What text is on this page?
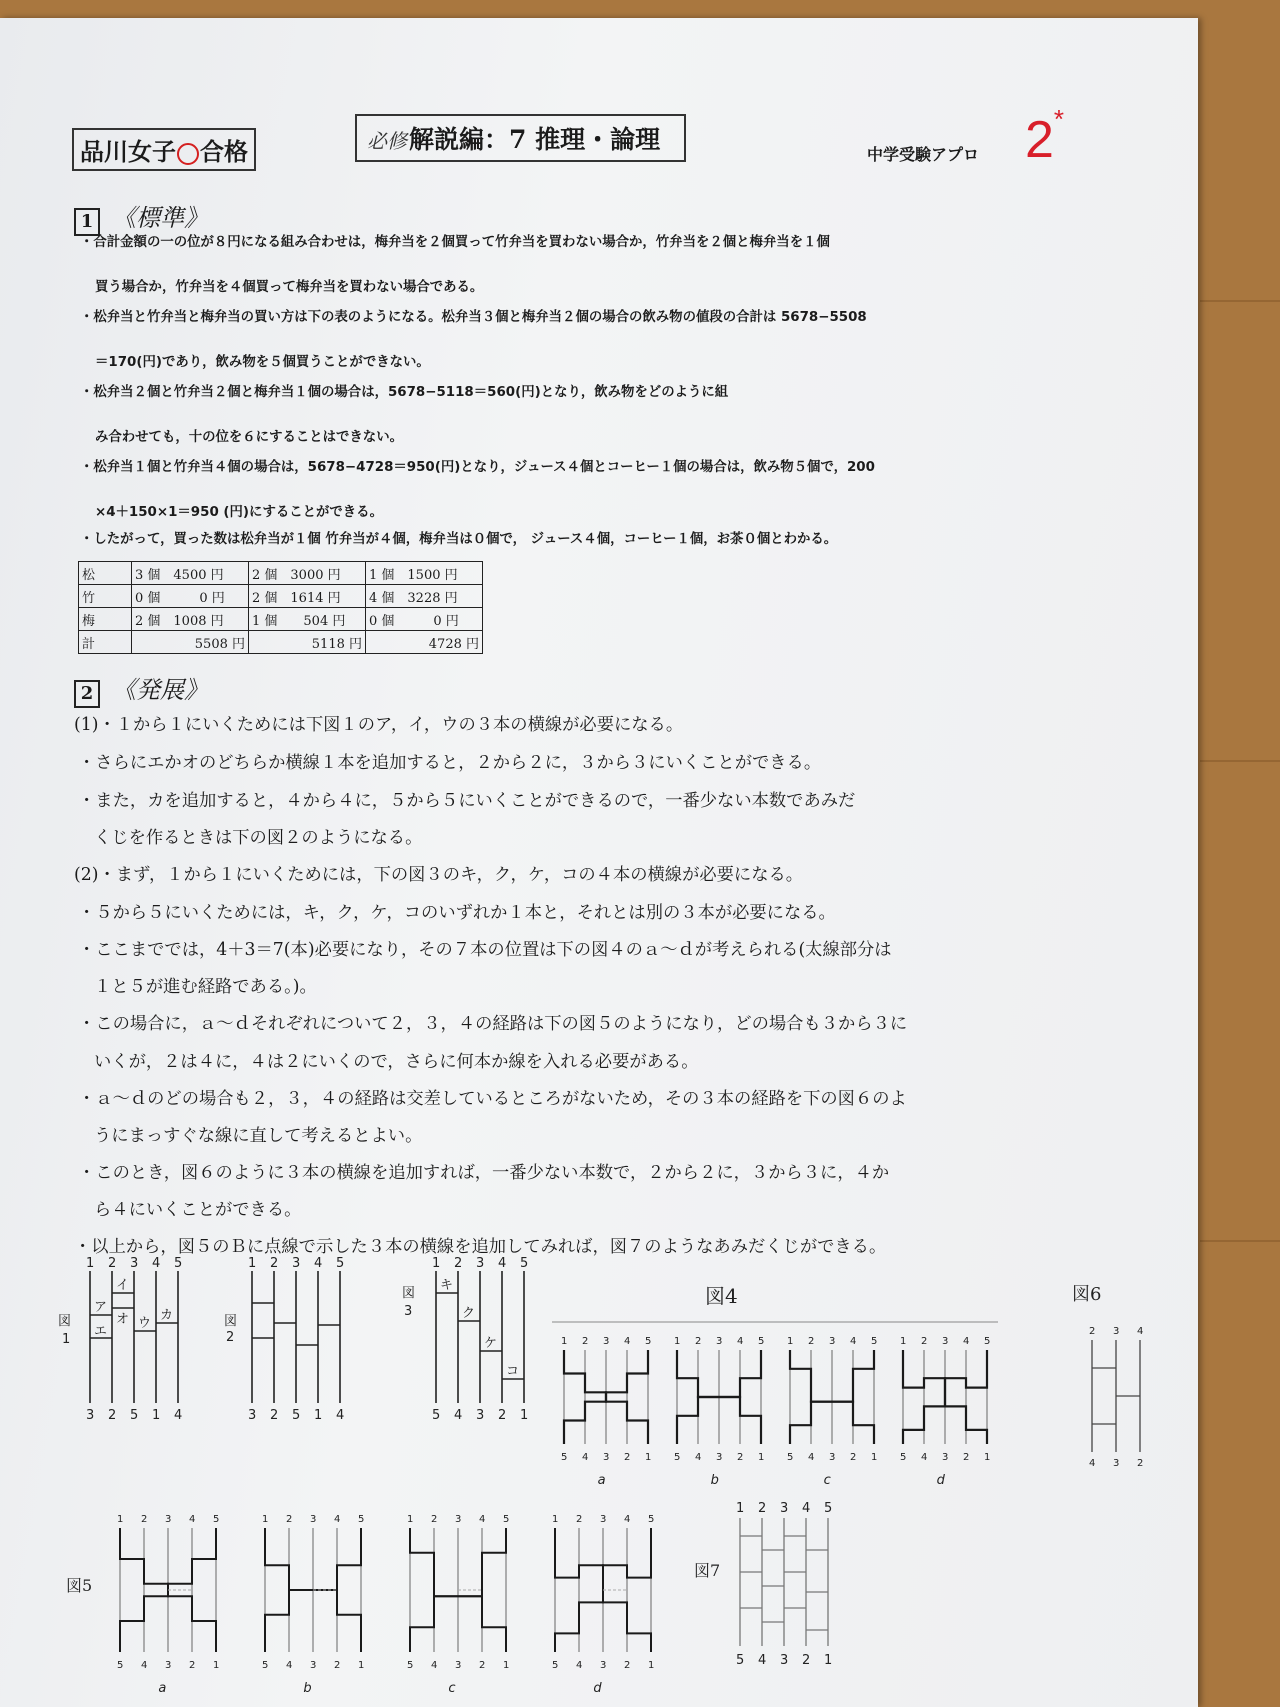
品川女子 合格	必修解説編：7 推理・論理
中学受験アプロ 2*
1 《標準》
・合計金額の一の位が８円になる組み合わせは，梅弁当を２個買って竹弁当を買わない場合か，竹弁当を２個と梅弁当を１個
買う場合か，竹弁当を４個買って梅弁当を買わない場合である。
・松弁当と竹弁当と梅弁当の買い方は下の表のようになる。松弁当３個と梅弁当２個の場合の飲み物の値段の合計は 5678−5508
＝170(円)であり，飲み物を５個買うことができない。
・松弁当２個と竹弁当２個と梅弁当１個の場合は，5678−5118＝560(円)となり，飲み物をどのように組
み合わせても，十の位を６にすることはできない。
・松弁当１個と竹弁当４個の場合は，5678−4728＝950(円)となり，ジュース４個とコーヒー１個の場合は，飲み物５個で，200
×4＋150×1＝950 (円)にすることができる。
・したがって，買った数は松弁当が１個 竹弁当が４個，梅弁当は０個で， ジュース４個，コーヒー１個，お茶０個とわかる。
松	3 個　4500 円	2 個　3000 円	1 個　1500 円
竹	0 個　　　0 円	2 個　1614 円	4 個　3228 円
梅	2 個　1008 円	1 個　　504 円	0 個　　　0 円
計	5508 円	5118 円	4728 円
2 《発展》
(1)・１から１にいくためには下図１のア，イ，ウの３本の横線が必要になる。
・さらにエかオのどちらか横線１本を追加すると，２から２に，３から３にいくことができる。
・また，カを追加すると，４から４に，５から５にいくことができるので，一番少ない本数であみだ
くじを作るときは下の図２のようになる。
(2)・まず，１から１にいくためには，下の図３のキ，ク，ケ，コの４本の横線が必要になる。
・５から５にいくためには，キ，ク，ケ，コのいずれか１本と，それとは別の３本が必要になる。
・ここまででは，4＋3＝7(本)必要になり，その７本の位置は下の図４のａ〜ｄが考えられる(太線部分は
１と５が進む経路である。)。
・この場合に，ａ〜ｄそれぞれについて２，３，４の経路は下の図５のようになり，どの場合も３から３に
いくが，２は４に，４は２にいくので，さらに何本か線を入れる必要がある。
・ａ〜ｄのどの場合も２，３，４の経路は交差しているところがないため，その３本の経路を下の図６のよ
うにまっすぐな線に直して考えるとよい。
・このとき，図６のように３本の横線を追加すれば，一番少ない本数で，２から２に，３から３に，４か
ら４にいくことができる。
・以上から，図５のＢに点線で示した３本の横線を追加してみれば，図７のようなあみだくじができる。
図
1
ア
イ
ウ
エ
オ カ
1 2 3 4 5
3 2 5 1 4
図
2
1 2 3 4 5
3 2 5 1 4
図
3
キ
ク
ケ
コ
1 2 3 4 5
5 4 3 2 1
図4
1
5
2
4
3
3
4
2
5
1
a
1
5
2
4
3
3
4
2
5
1
b
1
5
2
4
3
3
4
2
5
1
c
1
5
2
4
3
3
4
2
5
1
d
図6
2 3 4
4 3 2
図5
1
5
2
4
3
3
4
2
5
1
a
1
5
2
4
3
3
4
2
5
1
b
1
5
2
4
3
3
4
2
5
1
c
1
5
2
4
3
3
4
2
5
1
d
図7
1 2 3 4 5
5 4 3 2 1
